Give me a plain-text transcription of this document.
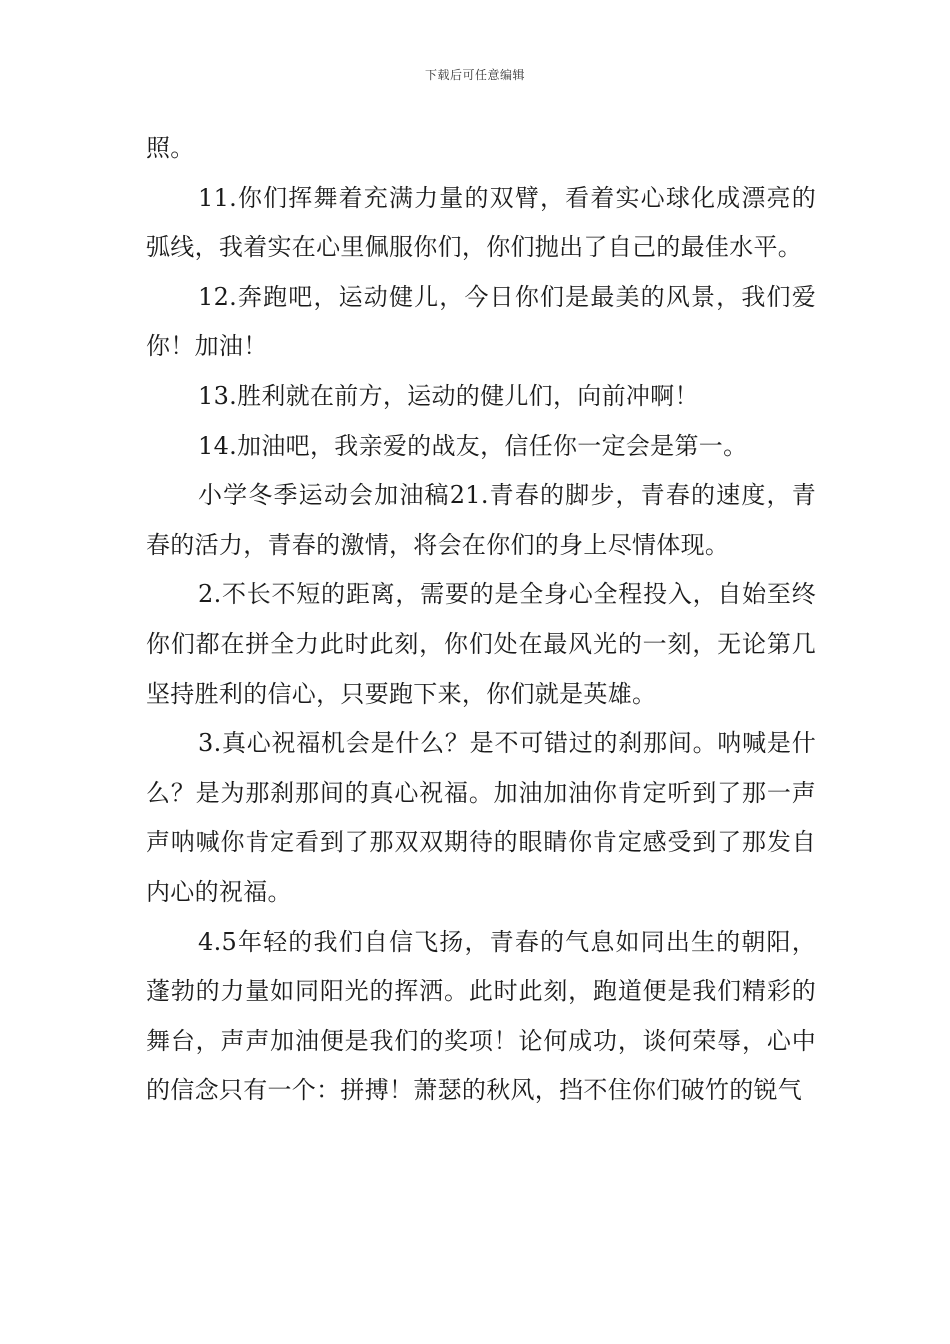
下载后可任意编辑

照。

11.你们挥舞着充满力量的双臂，看着实心球化成漂亮的弧线，我着实在心里佩服你们，你们抛出了自己的最佳水平。

12.奔跑吧，运动健儿，今日你们是最美的风景，我们爱你！加油！

13.胜利就在前方，运动的健儿们，向前冲啊！

14.加油吧，我亲爱的战友，信任你一定会是第一。

小学冬季运动会加油稿21.青春的脚步，青春的速度，青春的活力，青春的激情，将会在你们的身上尽情体现。

2.不长不短的距离，需要的是全身心全程投入，自始至终你们都在拼全力此时此刻，你们处在最风光的一刻，无论第几坚持胜利的信心，只要跑下来，你们就是英雄。

3.真心祝福机会是什么？是不可错过的刹那间。呐喊是什么？是为那刹那间的真心祝福。加油加油你肯定听到了那一声声呐喊你肯定看到了那双双期待的眼睛你肯定感受到了那发自内心的祝福。

4.5年轻的我们自信飞扬，青春的气息如同出生的朝阳，蓬勃的力量如同阳光的挥洒。此时此刻，跑道便是我们精彩的舞台，声声加油便是我们的奖项！论何成功，谈何荣辱，心中的信念只有一个：拼搏！萧瑟的秋风，挡不住你们破竹的锐气
